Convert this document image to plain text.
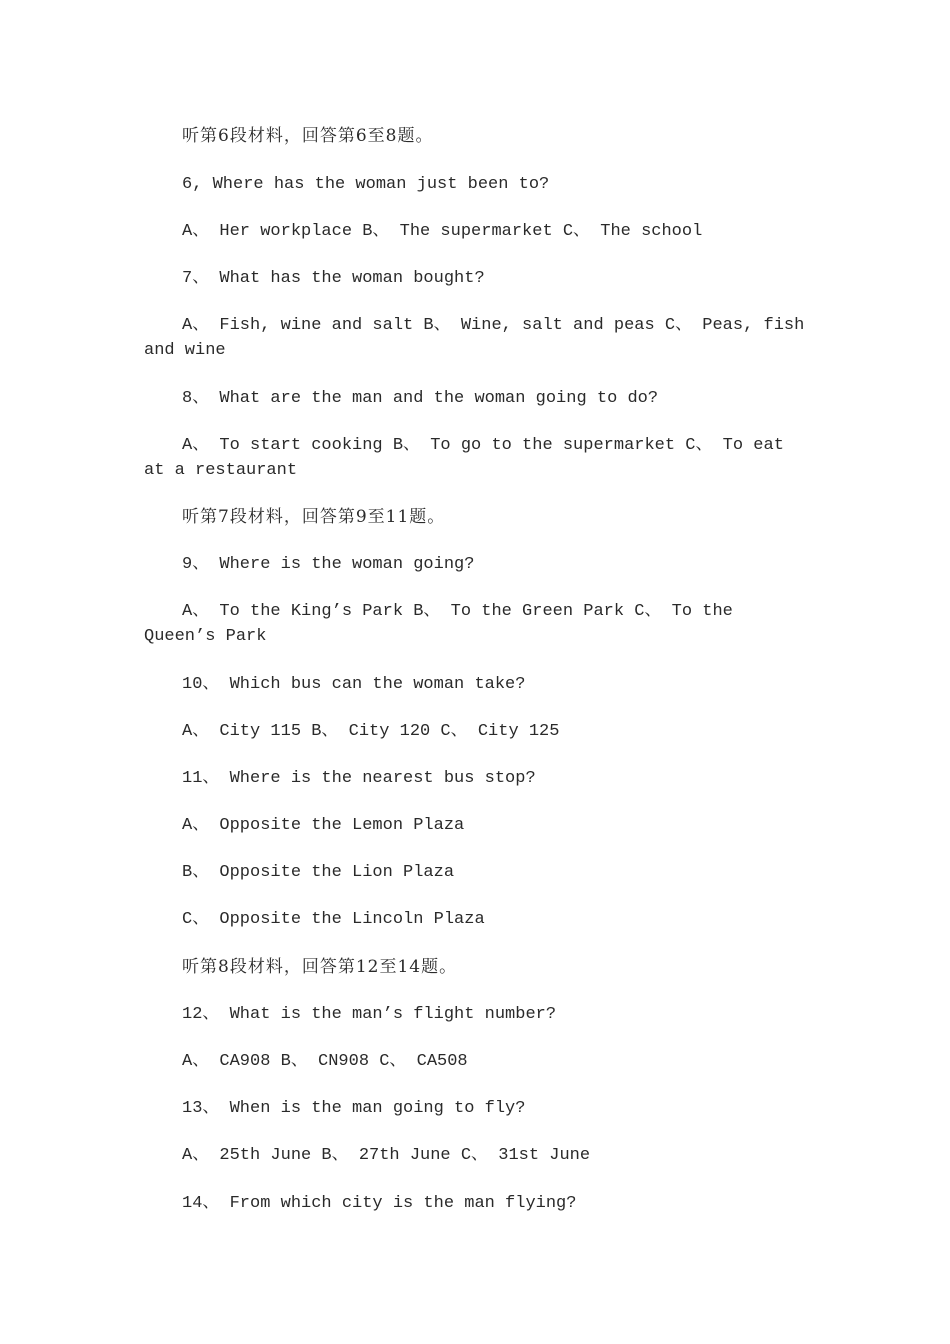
听第6段材料，回答第6至8题。

6, Where has the woman just been to?

A、 Her workplace B、 The supermarket C、 The school

7、 What has the woman bought?

A、 Fish, wine and salt B、 Wine, salt and peas C、 Peas, fish and wine

8、 What are the man and the woman going to do?

A、 To start cooking B、 To go to the supermarket C、 To eat at a restaurant

听第7段材料，回答第9至11题。

9、 Where is the woman going?

A、 To the King’s Park B、 To the Green Park C、 To the Queen’s Park

10、 Which bus can the woman take?

A、 City 115 B、 City 120 C、 City 125

11、 Where is the nearest bus stop?

A、 Opposite the Lemon Plaza

B、 Opposite the Lion Plaza

C、 Opposite the Lincoln Plaza

听第8段材料，回答第12至14题。

12、 What is the man’s flight number?

A、 CA908 B、 CN908 C、 CA508

13、 When is the man going to fly?

A、 25th June B、 27th June C、 31st June

14、 From which city is the man flying?
